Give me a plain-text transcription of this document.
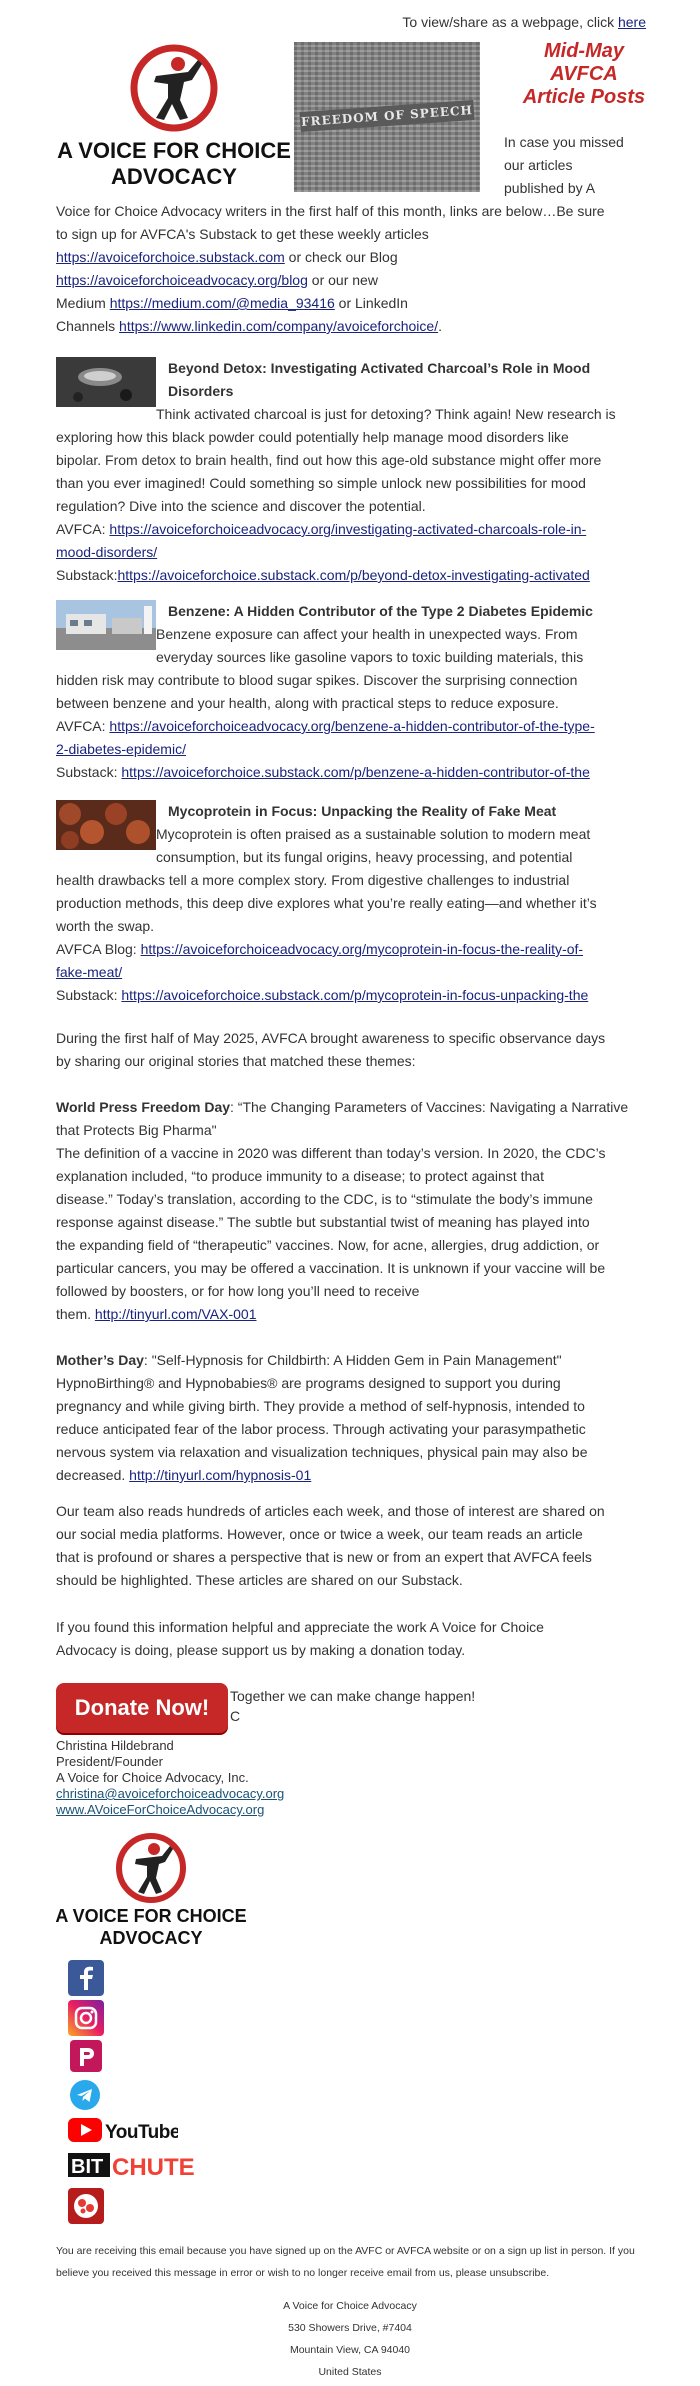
To view/share as a webpage, click here
A VOICE FOR CHOICE
ADVOCACY
FREEDOM OF SPEECH
Mid-May
AVFCA
Article Posts
In case you missed
our articles
published by A
Voice for Choice Advocacy writers in the first half of this month, links are below…Be sure
to sign up for AVFCA's Substack to get these weekly articles
https://avoiceforchoice.substack.com or check our Blog
https://avoiceforchoiceadvocacy.org/blog or our new
Medium https://medium.com/@media_93416 or LinkedIn
Channels https://www.linkedin.com/company/avoiceforchoice/.
Beyond Detox: Investigating Activated Charcoal’s Role in Mood
Disorders
Think activated charcoal is just for detoxing? Think again! New research is
exploring how this black powder could potentially help manage mood disorders like
bipolar. From detox to brain health, find out how this age-old substance might offer more
than you ever imagined! Could something so simple unlock new possibilities for mood
regulation? Dive into the science and discover the potential.
AVFCA: https://avoiceforchoiceadvocacy.org/investigating-activated-charcoals-role-in-
mood-disorders/
Substack:https://avoiceforchoice.substack.com/p/beyond-detox-investigating-activated
Benzene: A Hidden Contributor of the Type 2 Diabetes Epidemic
Benzene exposure can affect your health in unexpected ways. From
everyday sources like gasoline vapors to toxic building materials, this
hidden risk may contribute to blood sugar spikes. Discover the surprising connection
between benzene and your health, along with practical steps to reduce exposure.
AVFCA: https://avoiceforchoiceadvocacy.org/benzene-a-hidden-contributor-of-the-type-
2-diabetes-epidemic/
Substack: https://avoiceforchoice.substack.com/p/benzene-a-hidden-contributor-of-the
Mycoprotein in Focus: Unpacking the Reality of Fake Meat
Mycoprotein is often praised as a sustainable solution to modern meat
consumption, but its fungal origins, heavy processing, and potential
health drawbacks tell a more complex story. From digestive challenges to industrial
production methods, this deep dive explores what you’re really eating—and whether it’s
worth the swap.
AVFCA Blog: https://avoiceforchoiceadvocacy.org/mycoprotein-in-focus-the-reality-of-
fake-meat/
Substack: https://avoiceforchoice.substack.com/p/mycoprotein-in-focus-unpacking-the
During the first half of May 2025, AVFCA brought awareness to specific observance days
by sharing our original stories that matched these themes:
World Press Freedom Day: “The Changing Parameters of Vaccines: Navigating a Narrative
that Protects Big Pharma"
The definition of a vaccine in 2020 was different than today’s version. In 2020, the CDC’s
explanation included, “to produce immunity to a disease; to protect against that
disease.” Today’s translation, according to the CDC, is to “stimulate the body’s immune
response against disease.” The subtle but substantial twist of meaning has played into
the expanding field of “therapeutic” vaccines. Now, for acne, allergies, drug addiction, or
particular cancers, you may be offered a vaccination. It is unknown if your vaccine will be
followed by boosters, or for how long you’ll need to receive
them. http://tinyurl.com/VAX-001
Mother’s Day: "Self-Hypnosis for Childbirth: A Hidden Gem in Pain Management"
HypnoBirthing® and Hypnobabies® are programs designed to support you during
pregnancy and while giving birth. They provide a method of self-hypnosis, intended to
reduce anticipated fear of the labor process. Through activating your parasympathetic
nervous system via relaxation and visualization techniques, physical pain may also be
decreased. http://tinyurl.com/hypnosis-01
Our team also reads hundreds of articles each week, and those of interest are shared on
our social media platforms. However, once or twice a week, our team reads an article
that is profound or shares a perspective that is new or from an expert that AVFCA feels
should be highlighted. These articles are shared on our Substack.
If you found this information helpful and appreciate the work A Voice for Choice
Advocacy is doing, please support us by making a donation today.
Donate Now!	Together we can make change happen!
C
Christina Hildebrand
President/Founder
A Voice for Choice Advocacy, Inc.
christina@avoiceforchoiceadvocacy.org
www.AVoiceForChoiceAdvocacy.org
A VOICE FOR CHOICE
ADVOCACY
YouTube
BIT CHUTE
You are receiving this email because you have signed up on the AVFC or AVFCA website or on a sign up list in person. If you
believe you received this message in error or wish to no longer receive email from us, please unsubscribe.
A Voice for Choice Advocacy
530 Showers Drive, #7404
Mountain View, CA 94040
United States
